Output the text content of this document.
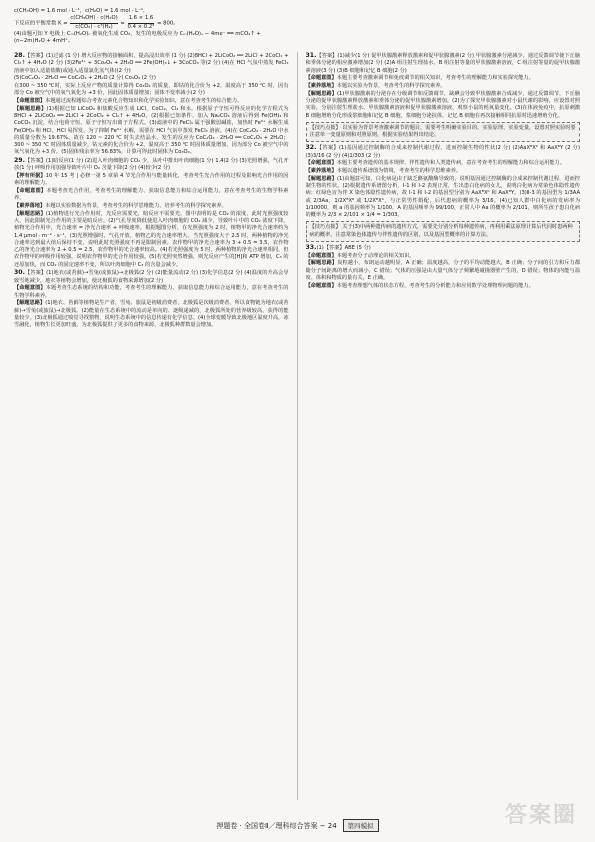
c(CH₃OH) = 1.6 mol · L⁻¹，c(H₂O) = 1.6 mol · L⁻¹，
下反应的平衡常数 $K = \frac{\text{c(CH₃OH) · c(H₂O)}}{\text{c(CO₂) · c³(H₂)}} = \frac{1.6 \times 1.6}{\text{0.4 × 0.2³}} = 800$。
(4)由题可知 Y 电极上 Cₘ(H₂O)ₙ 被氧化生成 CO₂，发生的电极反应为 Cₘ(H₂O)ₙ − 4me⁻ ══ mCO₂↑ + (n−2m)H₂O + 4mH⁺。

28.【答案】(1)过滤 (1 分) 增大反应物的接触面积，提高浸出效率 (1 分) (2)8HCl + 2LiCoO₂ ══ 2LiCl + 2CoCl₂ + Cl₂↑ + 4H₂O (2 分) (3)2Fe³⁺ + 3Co₂O₃ + 2H₂O ══ 2Fe(OH)₃↓ + 3CoCO₃ 等(2 分) (4)在 HCl 气氛中蒸发 FeCl₃ 溶液中加入适量盐酸(或通入适量氯化氢气体)(2 分)

(5)CoC₂O₄ · 2H₂O ══ CoC₂O₄ + 2H₂O (2 分) Co₃O₄ (2 分)

在300 ~ 350 ℃时，实际上反应产物的质量计算得 Co₃O₄ 的质量，即钴的化合价为 +2，温度高于 350 ℃ 时，因有部分 Co 被空气中的氧气氧化为 +3 价，因此固体质量增加；固体不变率减小(2 分)

【命题意图】本题通过流程题综合考查元素化合物知识和化学实验知识，意在考查考生的综合能力。

【解题思路】(1)根据已知 LiCoO₂ 和盐酸反应生成 LiCl，CoCl₂，Cl₂ 和水，根据原子守恒可得反应的化学方程式为 8HCl + 2LiCoO₂ ══ 2LiCl + 2CoCl₂ + Cl₂↑ + 4H₂O。(2)根据已知条件，加入 Na₂CO₃ 溶液后得到 Fe(OH)₃ 和 CoCO₃ 沉淀，结合电荷守恒、原子守恒写出离子方程式。(3)滤液中的 FeCl₃ 属于强酸弱碱盐，加热时 Fe³⁺ 水解生成 Fe(OH)₃ 和 HCl，HCl 易挥发，为了抑制 Fe³⁺ 水解，需要在 HCl 气氛中蒸发 FeCl₃ 溶液。(4)在 CoC₂O₄ · 2H₂O 中水的质量分数为 19.67%，故在 120 ~ 220 ℃ 时失去结晶水，发生的反应为 CoC₂O₄ · 2H₂O ══ CoC₂O₄ + 2H₂O；300 ~ 350 ℃ 时固体质量减少，钴元素的化合价为 +2，温度高于 350 ℃ 时固体质量增加，因为部分 Co 被空气中的氧气氧化为 +3 价。(5)固体残余率为 56.83%，计算可得此时固体为 Co₃O₄。

29.【答案】(1)暗反应(1 分) (2)进入叶肉细胞的 CO₂ 少，从叶中排出叶肉细胞(1 分) 1.4(2 分) (3)光照增强，气孔开放(1 分) 呼吸作用加强导致叶片中 O₂ 含量下降(2 分) (4)较少(2 分)

【押有所据】10 年 15 考 | 必修一第 5 章第 4 节光合作用与能量转化，考查考生光合作用的过程及影响光合作用的因素的理解能力。

【命题意图】本题考查光合作用，考查考生的理解能力、获取信息能力和综合运用能力，意在考查考生的生物学科素养。

【素养落地】本题以实验数据为背景，考查考生的科学思维能力，培养考生的科学探究素养。

【解题思路】(1)植物进行光合作用时，光反应需要光，暗反应不需要光。图中表明的是 CO₂ 的浓度，此时光照强度较大，因此限制光合作用的主要是暗反应。(2)气孔导度降低使进入叶肉细胞的 CO₂ 减少，导致叶片中的 CO₂ 浓度下降。植物光合作用中，光合速率 = 净光合速率 + 呼吸速率。根据题图分析，在光照强度为 2 时，植物甲的净光合速率约为 1.4 μmol · m⁻² · s⁻¹。(3)光照增强时，气孔开放，植物乙的光合速率增大。当光照强度大于 2.5 时，两种植物的净光合速率达到最大值后保持不变，说明此时光照强度不再是限制因素，农作物甲的净光合速率为 3 + 0.5 = 3.5，农作物乙的净光合速率为 2 + 0.5 = 2.5，农作物甲的光合速率较高。(4)若光照强度为 5 时，两种植物的净光合速率相同，但农作物甲的呼吸作用较强，说明农作物甲的光合作用较强。(5)若光照突然增强，则光反应产生的[H]和 ATP 增加，C₃ 的还原加快，而 CO₂ 的固定速率不变，所以叶肉细胞中 C₃ 的含量会减少。

30.【答案】(1)地衣(或苔藓)→雪兔(或旅鼠)→北极狐(2 分) (2)能量流动(2 分) (3)化学信息(2 分) (4)温度的升高会导致雪地减少，地衣等植物会增加，使北极狐的食物来源增加(2 分)

【命题意图】本题考查生态系统的结构和功能，考查考生的理解能力、获取信息能力和综合运用能力，意在考查考生的生物学科素养。

【解题思路】(1)地衣、苔藓等植物是生产者，雪兔、旅鼠是初级消费者，北极狐是次级消费者，所以食物链为地衣(或苔藓)→雪兔(或旅鼠)→北极狐。(2)能量在生态系统中的流动是单向的、逐级递减的，北极狐所处的营养级较高，获得的能量较少。(3)北极狐通过嗅觉寻找猎物，说明生态系统中的信息传递有化学信息。(4)全球变暖导致北极地区温度升高，冰雪融化，植物生长更加旺盛，为北极狐提供了更多的食物来源，北极狐种群数量会增加。

31.【答案】(1)减少(1 分) 促甲状腺激素释放激素和促甲状腺激素(2 分) 甲状腺激素分泌减少，通过反馈调节使下丘脑和垂体分泌的相应激素增加(2 分) (2)A 组注射生理盐水，B 组注射等量的甲状腺激素溶液，C 组注射等量的促甲状腺激素溶液(3 分) (3)B 细胞和记忆 B 细胞(2 分)

【命题意图】本题主要考查激素调节和免疫调节的相关知识，考查考生的理解能力和实验探究能力。

【素养落地】本题以实验为背景，考查考生的科学探究素养。

【解题思路】(1)甲状腺激素的分泌存在分级调节和反馈调节，缺碘会导致甲状腺激素合成减少，通过反馈调节，下丘脑分泌的促甲状腺激素释放激素和垂体分泌的促甲状腺激素增加。(2)为了探究甲状腺激素对小鼠代谢的影响，应设置对照实验，分别注射生理盐水、甲状腺激素溶液和促甲状腺激素溶液，观察小鼠的耗氧量变化。(3)在体液免疫中，抗原刺激 B 细胞增殖分化形成浆细胞和记忆 B 细胞，浆细胞分泌抗体，记忆 B 细胞在再次接触相同抗原时迅速增殖分化。

【技巧点拨】 以实验为背景考查激素调节的题目，需要考生明确实验目的、实验原理、实验变量，设置对照实验时要注意单一变量原则和对照原则，根据实验结果得出结论。

32.【答案】(1)基因通过控制酶的合成来控制代谢过程，进而控制生物的性状(2 分) (2)AaXᴮXᵇ 和 AaXᴮY (2 分) (3)3/16 (2 分) (4)1/303 (2 分)

【命题意图】本题主要考查遗传的基本规律、伴性遗传和人类遗传病，意在考查考生的理解能力和综合运用能力。

【素养落地】本题以遗传系谱图为情境，考查考生的科学思维素养。

【解题思路】(1)由题意可知，白化病是由于缺乏酪氨酸酶导致的，说明基因通过控制酶的合成来控制代谢过程，进而控制生物的性状。(2)根据遗传系谱图分析，Ⅰ-1 和 Ⅰ-2 表现正常，生出患白化病的女儿，说明白化病为常染色体隐性遗传病；红绿色盲为伴 X 染色体隐性遗传病，故 Ⅰ-1 和 Ⅰ-2 的基因型分别为 AaXᴮXᵇ 和 AaXᴮY。(3)Ⅱ-3 的基因型为 1/3AA 或 2/3Aa，1/2XᴮXᴮ 或 1/2XᴮXᵇ，与正常男性婚配，后代患病的概率为 3/16。(4)已知人群中白化病的发病率为 1/10000，则 a 的基因频率为 1/100，A 的基因频率为 99/100，正常人中 Aa 的概率为 2/101，则所生孩子患白化病的概率为 2/3 × 2/101 × 1/4 = 1/303。

【技巧点拨】 关于(3)中两种遗传病的遗传方式，需要先分别分析每种遗传病，再利用乘法原理计算后代同时患两种病的概率，注意常染色体遗传与伴性遗传的区别，以及基因型概率的计算方法。

33.(1)【答案】ABE (5 分)

【命题意图】本题考查分子动理论的相关知识。

【解题思路】炭粒越小，布朗运动越明显，A 正确；温度越高，分子的平均动能越大，B 正确；分子间的引力和斥力都随分子间距离的增大而减小，C 错误；气体的压强是由大量气体分子频繁地碰撞器壁产生的，D 错误；物体的内能与温度、体积和物质的量有关，E 正确。

【命题意图】本题考查理想气体的状态方程，考查考生的分析能力和应用数学处理物理问题的能力。

押题卷 · 全国卷Ⅱ／理科综合答案 − 24	第四模拟	答案圈
